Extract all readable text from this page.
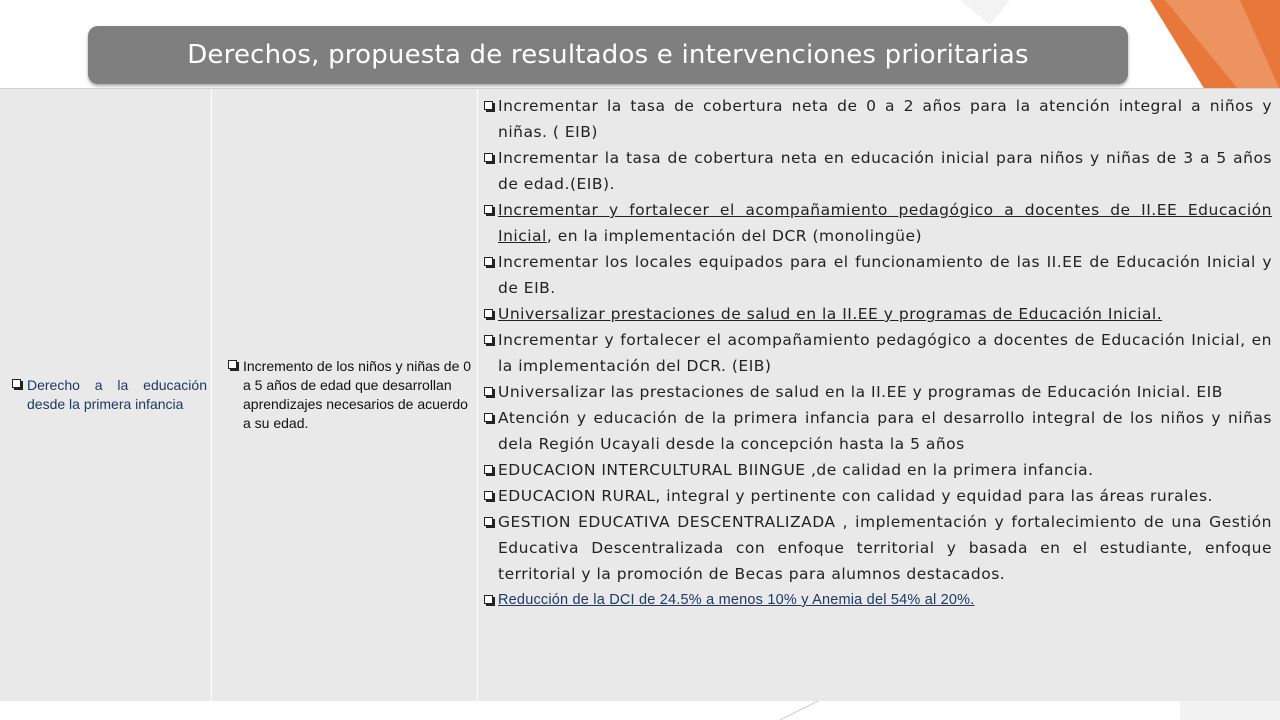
Derechos, propuesta de resultados e intervenciones prioritarias
Derecho a la educación desde la primera infancia
Incremento de los niños y niñas de 0 a 5 años de edad que desarrollan aprendizajes necesarios de acuerdo a su edad.
Incrementar la tasa de cobertura neta de 0 a 2 años para la atención integral a niños y niñas. ( EIB)
Incrementar la tasa de cobertura neta en educación inicial para niños y niñas de 3 a 5 años de edad.(EIB).
Incrementar y fortalecer el acompañamiento pedagógico a docentes de II.EE Educación Inicial, en la implementación del DCR (monolingüe)
Incrementar los locales equipados para el funcionamiento de las II.EE de Educación Inicial y de EIB.
Universalizar prestaciones de salud en la II.EE y programas de Educación Inicial.
Incrementar y fortalecer el acompañamiento pedagógico a docentes de Educación Inicial, en la implementación del DCR. (EIB)
Universalizar las prestaciones de salud en la II.EE y programas de Educación Inicial. EIB
Atención y educación de la primera infancia para el desarrollo integral de los niños y niñas dela Región Ucayali desde la concepción hasta la 5 años
EDUCACION INTERCULTURAL BIINGUE ,de calidad en la primera infancia.
EDUCACION RURAL, integral y pertinente con calidad y equidad para las áreas rurales.
GESTION EDUCATIVA DESCENTRALIZADA , implementación y fortalecimiento de una Gestión Educativa Descentralizada con enfoque territorial y basada en el estudiante, enfoque territorial y la promoción de Becas para alumnos destacados.
Reducción de la DCI de 24.5% a menos 10% y Anemia del 54% al 20%.
